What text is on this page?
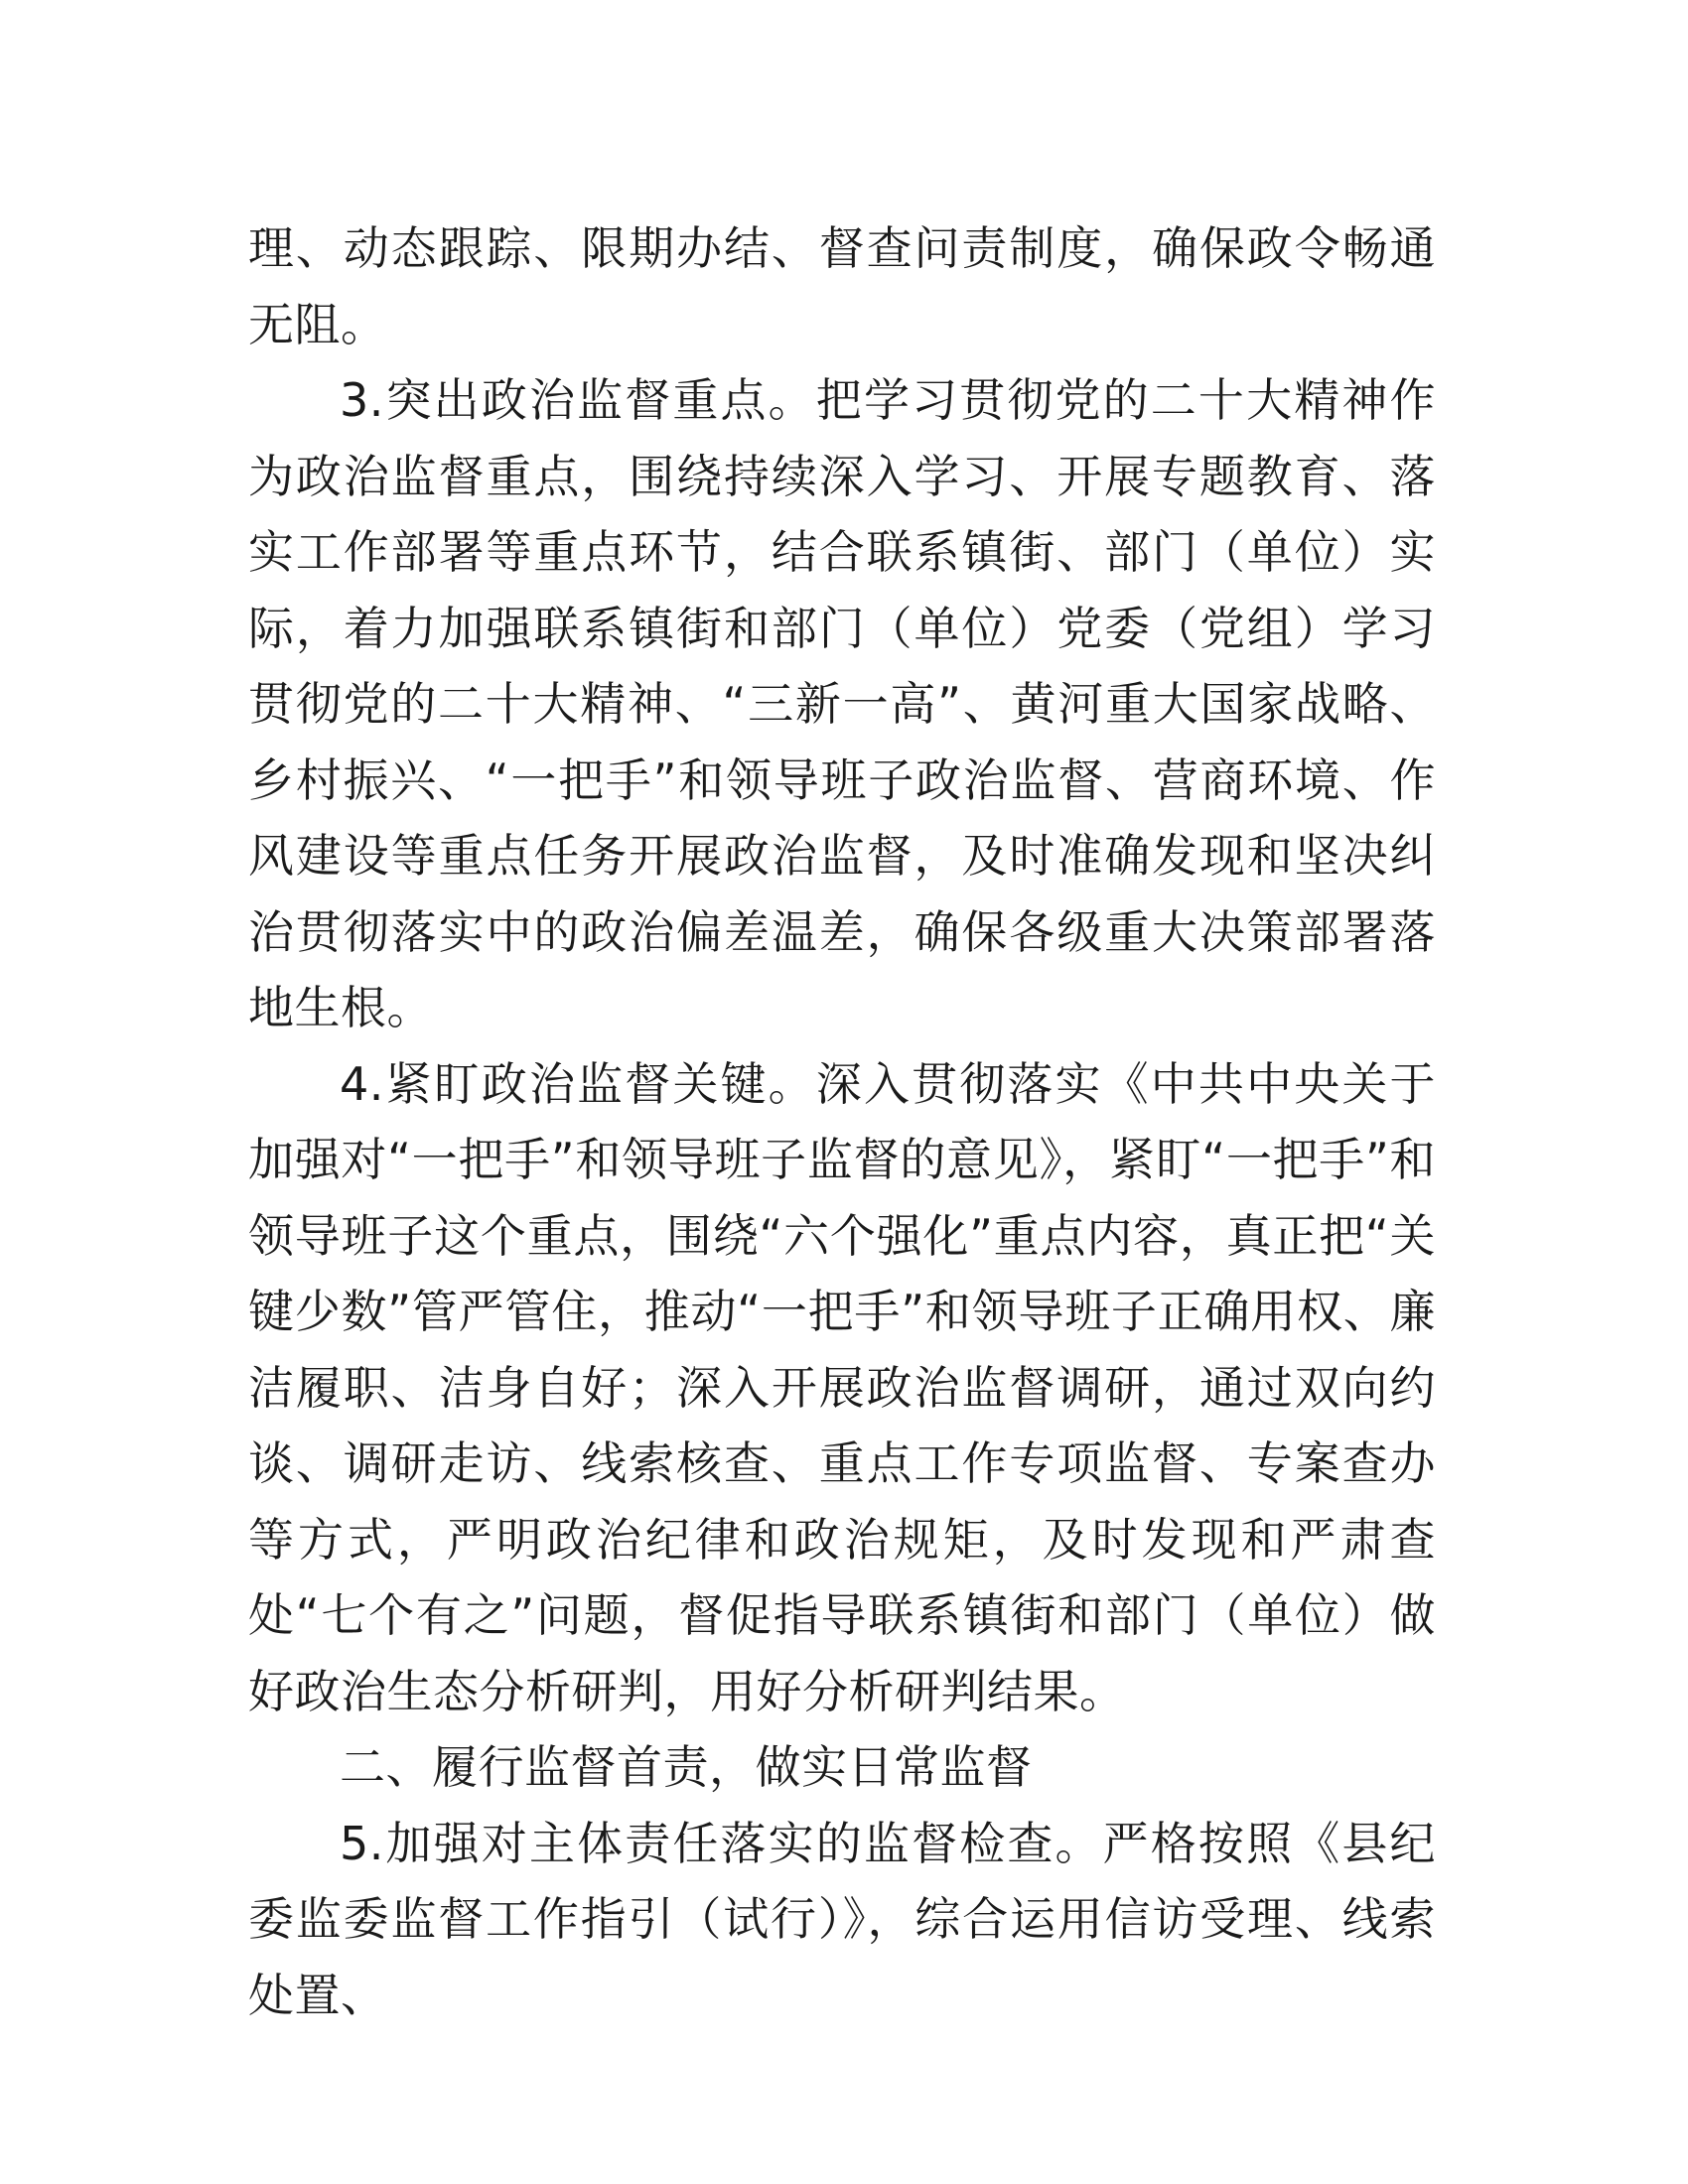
理、动态跟踪、限期办结、督查问责制度，确保政令畅通无阻。

3.突出政治监督重点。把学习贯彻党的二十大精神作为政治监督重点，围绕持续深入学习、开展专题教育、落实工作部署等重点环节，结合联系镇街、部门（单位）实际，着力加强联系镇街和部门（单位）党委（党组）学习贯彻党的二十大精神、“三新一高”、黄河重大国家战略、乡村振兴、“一把手”和领导班子政治监督、营商环境、作风建设等重点任务开展政治监督，及时准确发现和坚决纠治贯彻落实中的政治偏差温差，确保各级重大决策部署落地生根。

4.紧盯政治监督关键。深入贯彻落实《中共中央关于加强对“一把手”和领导班子监督的意见》，紧盯“一把手”和领导班子这个重点，围绕“六个强化”重点内容，真正把“关键少数”管严管住，推动“一把手”和领导班子正确用权、廉洁履职、洁身自好；深入开展政治监督调研，通过双向约谈、调研走访、线索核查、重点工作专项监督、专案查办等方式，严明政治纪律和政治规矩，及时发现和严肃查处“七个有之”问题，督促指导联系镇街和部门（单位）做好政治生态分析研判，用好分析研判结果。

二、履行监督首责，做实日常监督

5.加强对主体责任落实的监督检查。严格按照《县纪委监委监督工作指引（试行）》，综合运用信访受理、线索处置、
